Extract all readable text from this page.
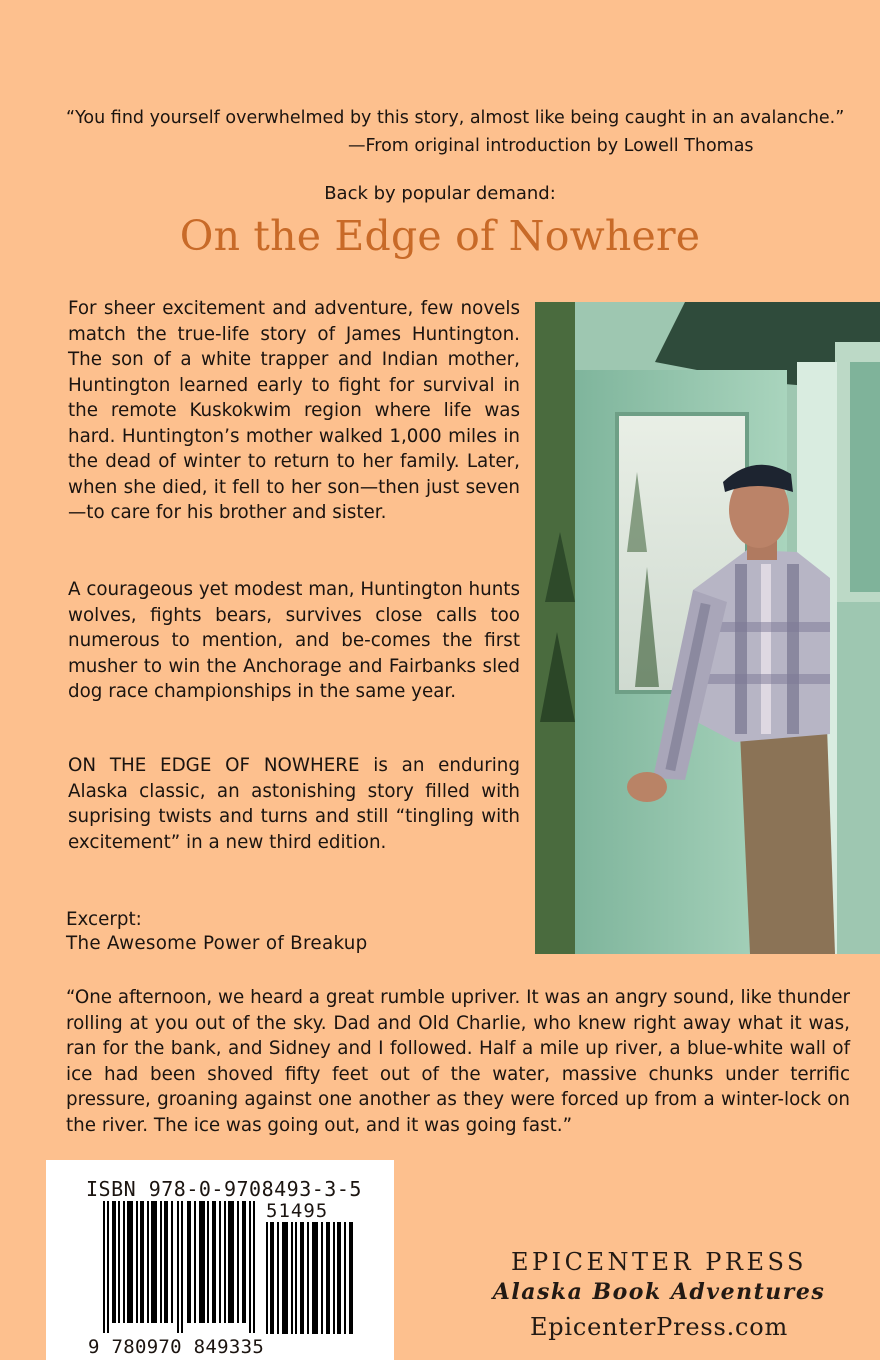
“You find yourself overwhelmed by this story, almost like being caught in an avalanche.”
—From original introduction by Lowell Thomas
Back by popular demand:
On the Edge of Nowhere

For sheer excitement and adventure, few novels match the true-life story of James Huntington. The son of a white trapper and Indian mother, Huntington learned early to fight for survival in the remote Kuskokwim region where life was hard. Huntington’s mother walked 1,000 miles in the dead of winter to return to her family. Later, when she died, it fell to her son—then just seven—to care for his brother and sister.

A courageous yet modest man, Huntington hunts wolves, fights bears, survives close calls too numerous to mention, and be-comes the first musher to win the Anchorage and Fairbanks sled dog race championships in the same year.

ON THE EDGE OF NOWHERE is an enduring Alaska classic, an astonishing story filled with suprising twists and turns and still “tingling with excitement” in a new third edition.

Excerpt:
The Awesome Power of Breakup
“One afternoon, we heard a great rumble upriver. It was an angry sound, like thunder rolling at you out of the sky. Dad and Old Charlie, who knew right away what it was, ran for the bank, and Sidney and I followed. Half a mile up river, a blue-white wall of ice had been shoved fifty feet out of the water, massive chunks under terrific pressure, groaning against one another as they were forced up from a winter-lock on the river. The ice was going out, and it was going fast.”
ISBN 978-0-9708493-3-5
51495
9 780970 849335
EPICENTER PRESS
Alaska Book Adventures
EpicenterPress.com
